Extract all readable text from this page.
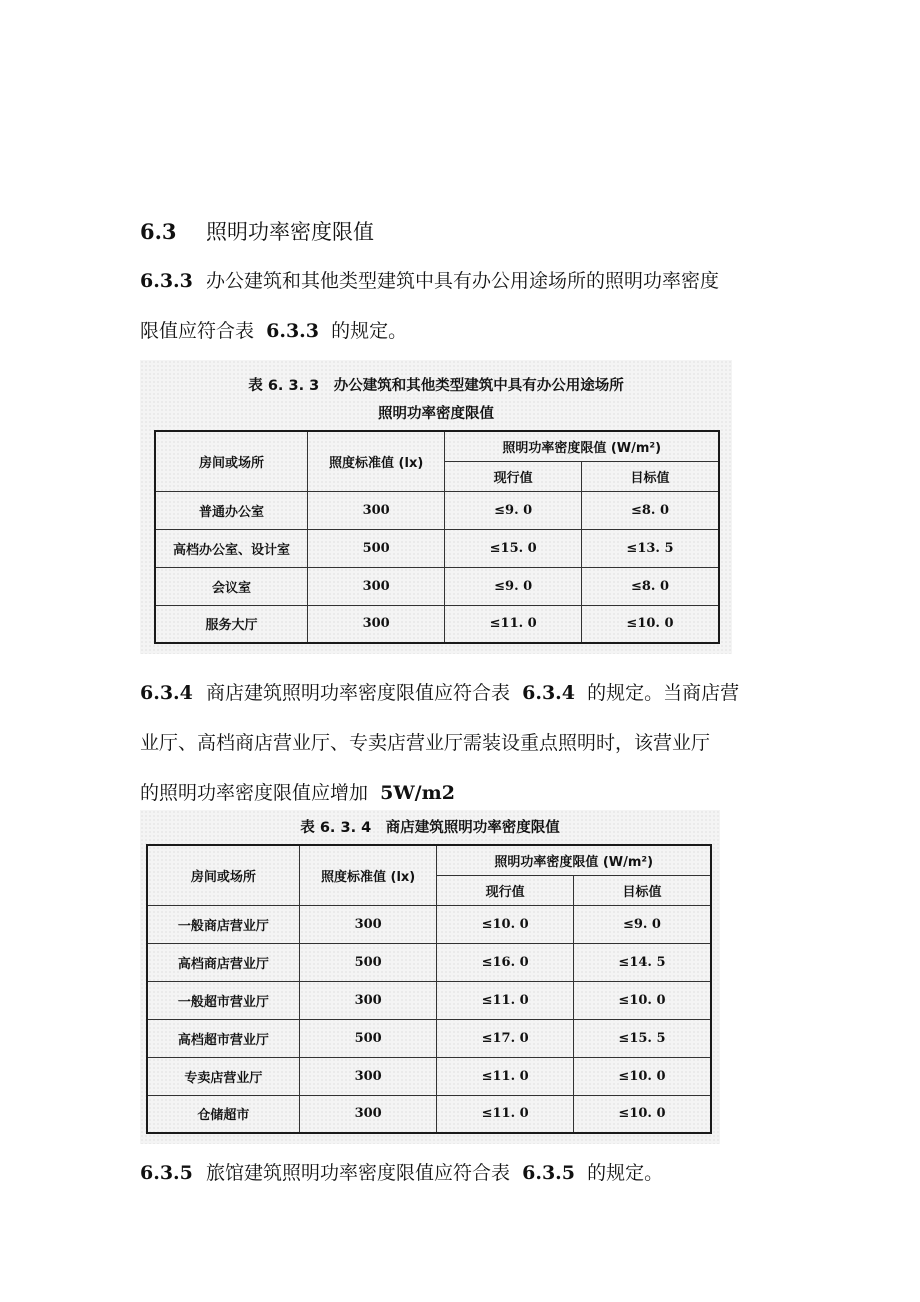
6.3 照明功率密度限值
6.3.3 办公建筑和其他类型建筑中具有办公用途场所的照明功率密度
限值应符合表 6.3.3 的规定。
表 6. 3. 3　办公建筑和其他类型建筑中具有办公用途场所
照明功率密度限值
房间或场所	照度标准值 (lx)	照明功率密度限值 (W/m²)	
		现行值	目标值
普通办公室	300	≤9. 0	≤8. 0
高档办公室、设计室	500	≤15. 0	≤13. 5
会议室	300	≤9. 0	≤8. 0
服务大厅	300	≤11. 0	≤10. 0
6.3.4 商店建筑照明功率密度限值应符合表 6.3.4 的规定。当商店营
业厅、高档商店营业厅、专卖店营业厅需装设重点照明时，该营业厅
的照明功率密度限值应增加 5W/m2
表 6. 3. 4　商店建筑照明功率密度限值
房间或场所	照度标准值 (lx)	照明功率密度限值 (W/m²)	
		现行值	目标值
一般商店营业厅	300	≤10. 0	≤9. 0
高档商店营业厅	500	≤16. 0	≤14. 5
一般超市营业厅	300	≤11. 0	≤10. 0
高档超市营业厅	500	≤17. 0	≤15. 5
专卖店营业厅	300	≤11. 0	≤10. 0
仓储超市	300	≤11. 0	≤10. 0
6.3.5 旅馆建筑照明功率密度限值应符合表 6.3.5 的规定。
